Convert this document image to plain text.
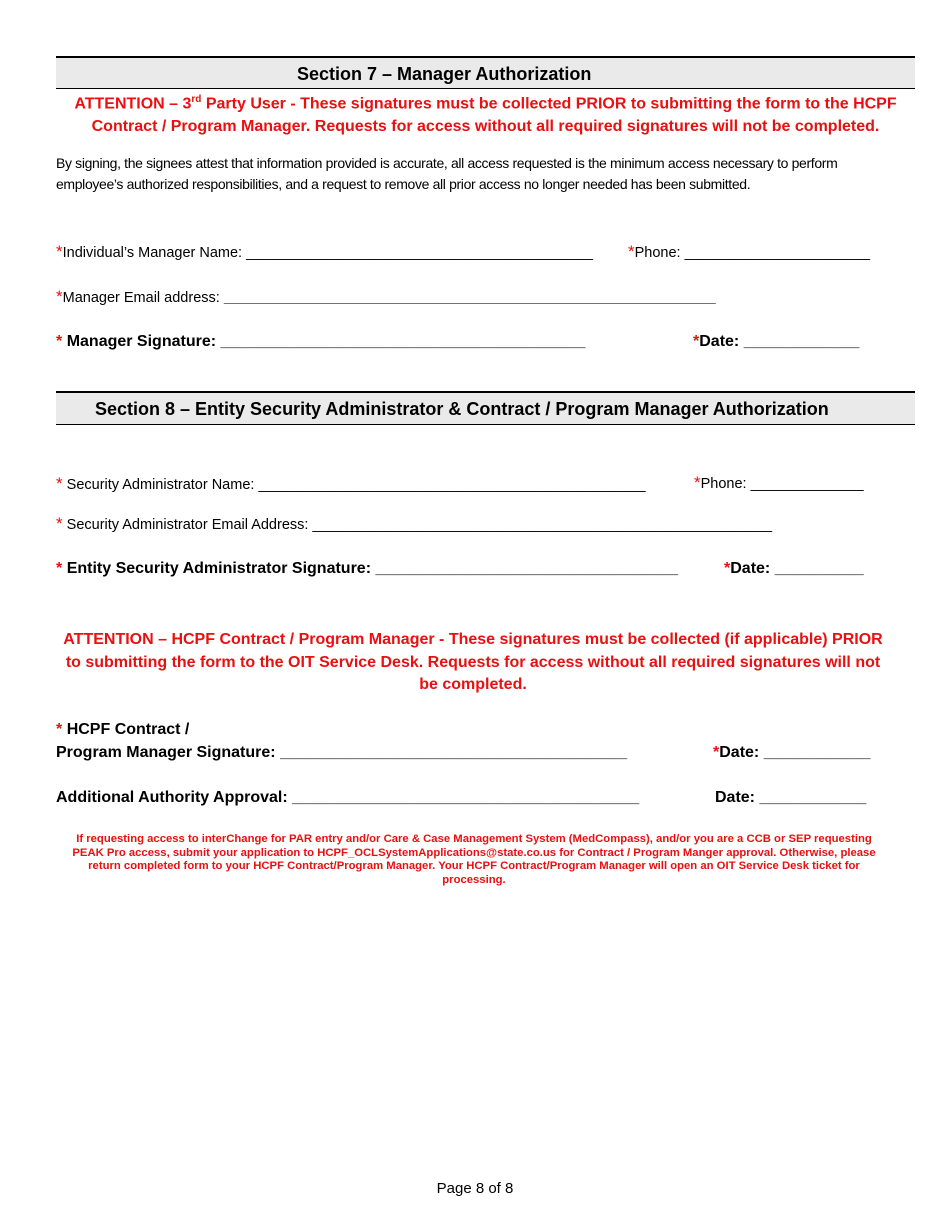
Section 7 – Manager Authorization
ATTENTION – 3rd Party User - These signatures must be collected PRIOR to submitting the form to the HCPF
Contract / Program Manager. Requests for access without all required signatures will not be completed.
By signing, the signees attest that information provided is accurate, all access requested is the minimum access necessary to perform employee’s authorized responsibilities, and a request to remove all prior access no longer needed has been submitted.
*Individual’s Manager Name: ___________________________________________ *Phone: _______________________
*Manager Email address: _____________________________________________________________
* Manager Signature: _________________________________________	*Date: _____________
Section 8 – Entity Security Administrator & Contract / Program Manager Authorization
* Security Administrator Name: ________________________________________________	*Phone: ______________
* Security Administrator Email Address: _________________________________________________________
* Entity Security Administrator Signature: __________________________________	*Date: __________
ATTENTION – HCPF Contract / Program Manager - These signatures must be collected (if applicable) PRIOR to submitting the form to the OIT Service Desk. Requests for access without all required signatures will not be completed.
* HCPF Contract /
Program Manager Signature: _______________________________________	*Date: ____________
Additional Authority Approval: _______________________________________	Date: ____________
If requesting access to interChange for PAR entry and/or Care & Case Management System (MedCompass), and/or you are a CCB or SEP requesting PEAK Pro access, submit your application to HCPF_OCLSystemApplications@state.co.us for Contract / Program Manger approval. Otherwise, please return completed form to your HCPF Contract/Program Manager. Your HCPF Contract/Program Manager will open an OIT Service Desk ticket for processing.
Page 8 of 8
